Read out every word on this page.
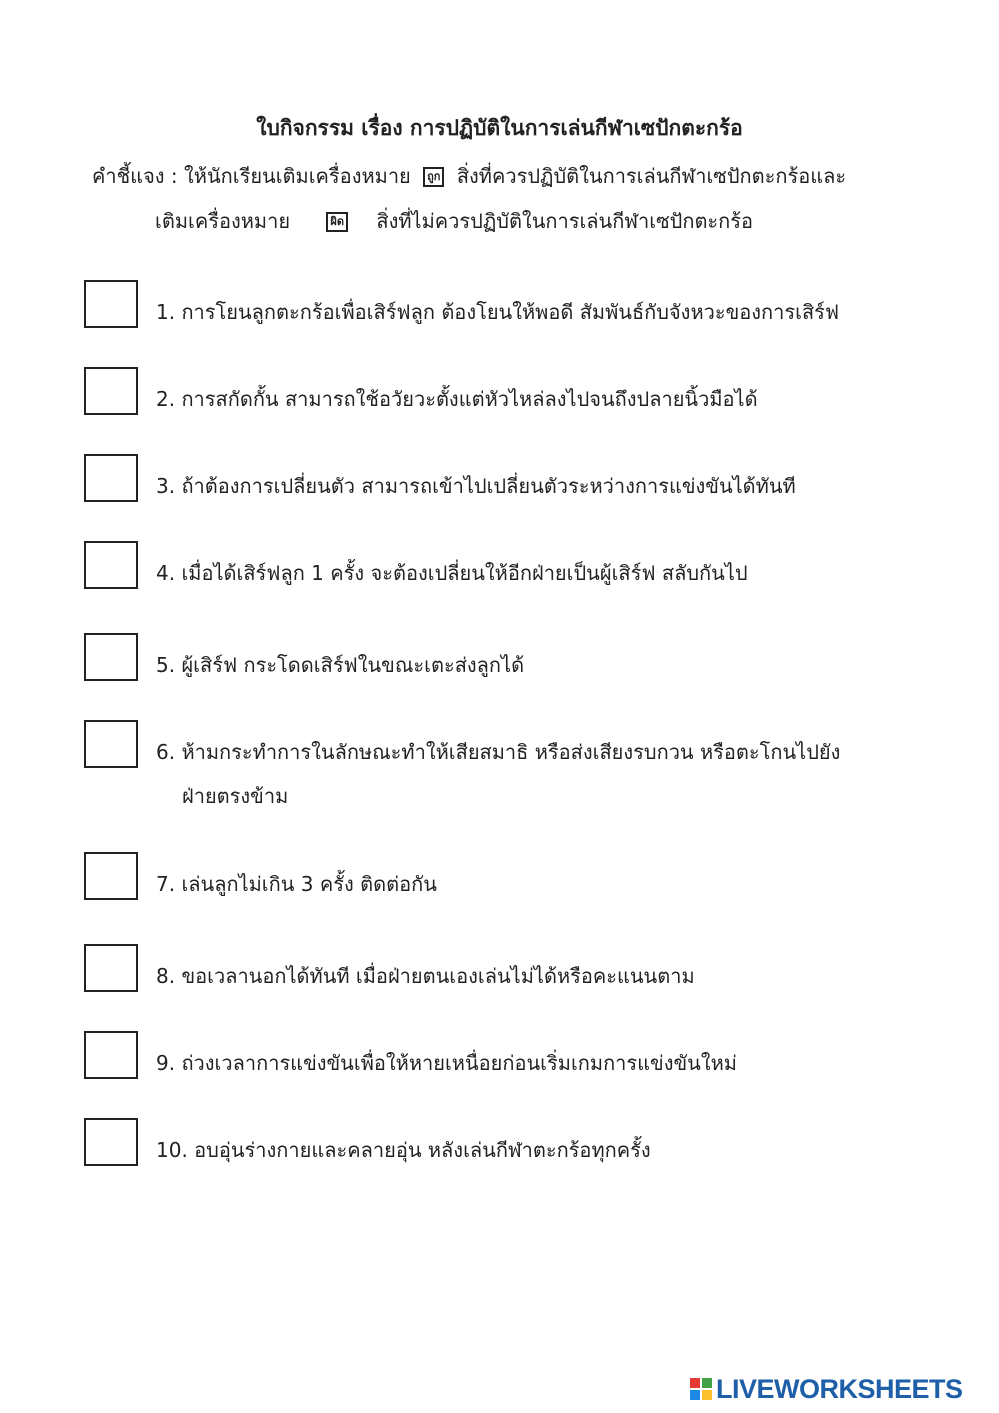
ใบกิจกรรม เรื่อง การปฏิบัติในการเล่นกีฬาเซปักตะกร้อ
คำชี้แจง : ให้นักเรียนเติมเครื่องหมาย ถูก สิ่งที่ควรปฏิบัติในการเล่นกีฬาเซปักตะกร้อและ
เติมเครื่องหมาย	ผิด สิ่งที่ไม่ควรปฏิบัติในการเล่นกีฬาเซปักตะกร้อ
1. การโยนลูกตะกร้อเพื่อเสิร์ฟลูก ต้องโยนให้พอดี สัมพันธ์กับจังหวะของการเสิร์ฟ
2. การสกัดกั้น สามารถใช้อวัยวะตั้งแต่หัวไหล่ลงไปจนถึงปลายนิ้วมือได้
3. ถ้าต้องการเปลี่ยนตัว สามารถเข้าไปเปลี่ยนตัวระหว่างการแข่งขันได้ทันที
4. เมื่อได้เสิร์ฟลูก 1 ครั้ง จะต้องเปลี่ยนให้อีกฝ่ายเป็นผู้เสิร์ฟ สลับกันไป
5. ผู้เสิร์ฟ กระโดดเสิร์ฟในขณะเตะส่งลูกได้
6. ห้ามกระทำการในลักษณะทำให้เสียสมาธิ หรือส่งเสียงรบกวน หรือตะโกนไปยัง
ฝ่ายตรงข้าม
7. เล่นลูกไม่เกิน 3 ครั้ง ติดต่อกัน
8. ขอเวลานอกได้ทันที เมื่อฝ่ายตนเองเล่นไม่ได้หรือคะแนนตาม
9. ถ่วงเวลาการแข่งขันเพื่อให้หายเหนื่อยก่อนเริ่มเกมการแข่งขันใหม่
10. อบอุ่นร่างกายและคลายอุ่น หลังเล่นกีฬาตะกร้อทุกครั้ง
LIVEWORKSHEETS
